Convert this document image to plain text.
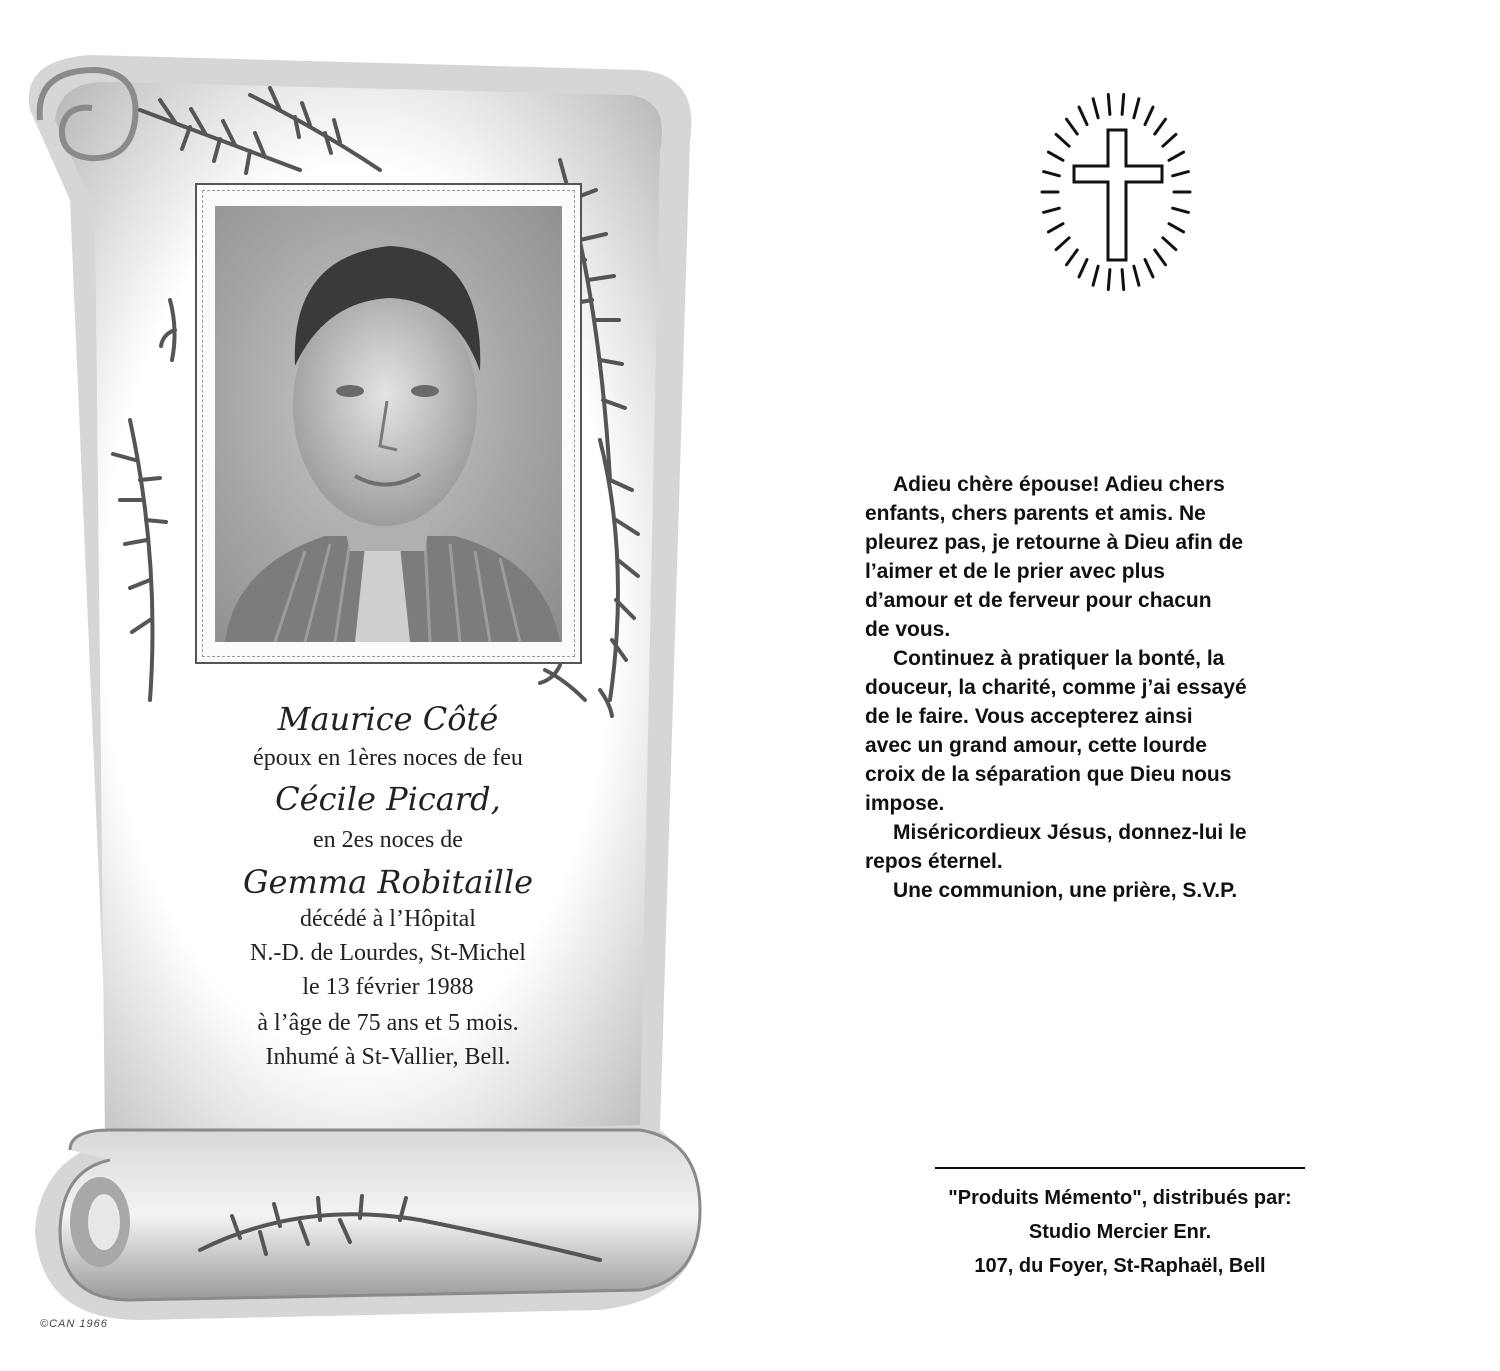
Maurice Côté
époux en 1ères noces de feu
Cécile Picard,
en 2es noces de
Gemma Robitaille
décédé à l’Hôpital
N.-D. de Lourdes, St-Michel
le 13 février 1988
à l’âge de 75 ans et 5 mois.
Inhumé à St-Vallier, Bell.
©CAN 1966
Adieu chère épouse! Adieu chers
enfants, chers parents et amis. Ne
pleurez pas, je retourne à Dieu afin de
l’aimer et de le prier avec plus
d’amour et de ferveur pour chacun
de vous.
Continuez à pratiquer la bonté, la
douceur, la charité, comme j’ai essayé
de le faire. Vous accepterez ainsi
avec un grand amour, cette lourde
croix de la séparation que Dieu nous
impose.
Miséricordieux Jésus, donnez-lui le
repos éternel.
Une communion, une prière, S.V.P.
"Produits Mémento", distribués par:
Studio Mercier Enr.
107, du Foyer, St-Raphaël, Bell
